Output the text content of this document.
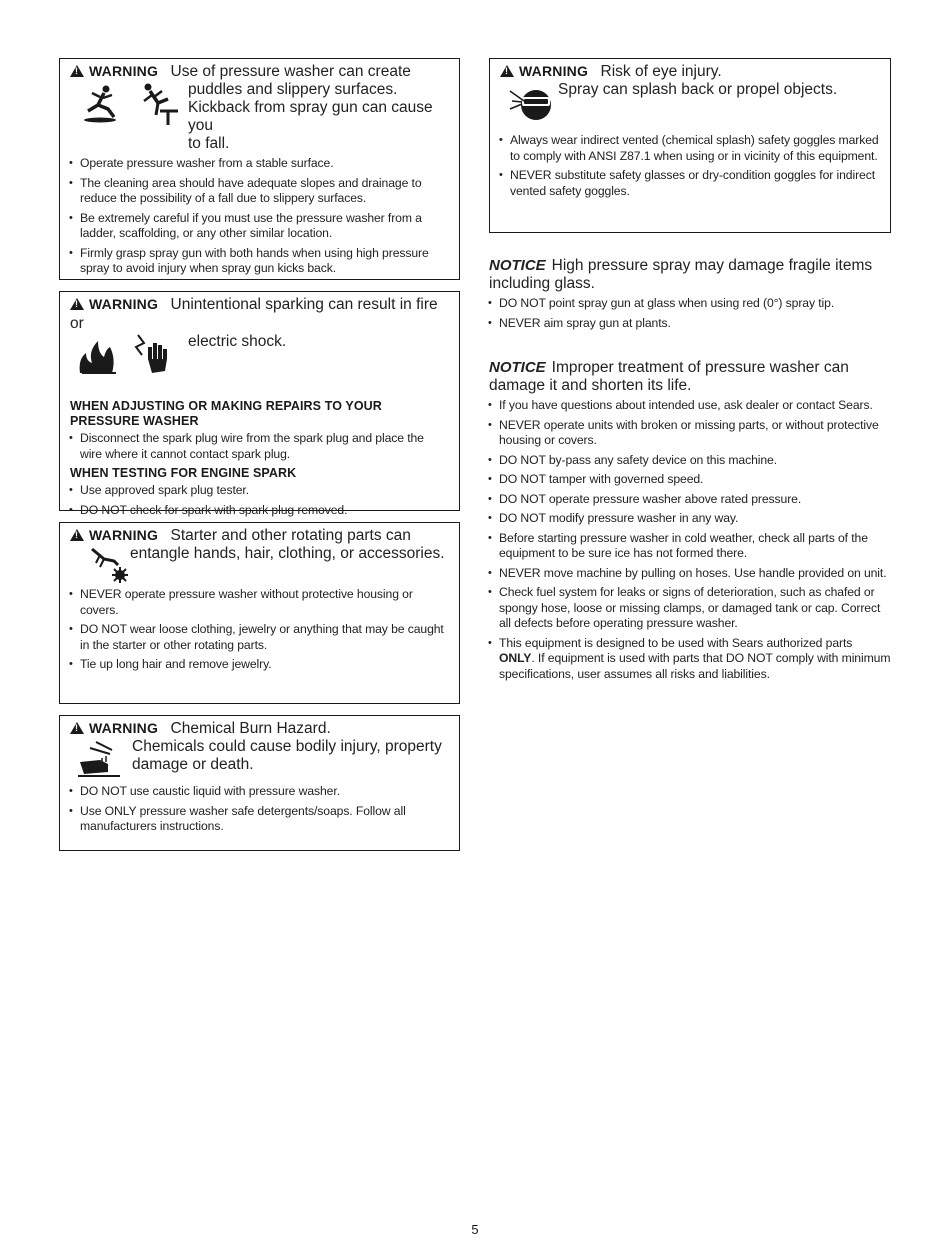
!WARNING Use of pressure washer can create
puddles and slippery surfaces.
Kickback from spray gun can cause you
to fall.
• Operate pressure washer from a stable surface.
• The cleaning area should have adequate slopes and drainage to reduce the possibility of a fall due to slippery surfaces.
• Be extremely careful if you must use the pressure washer from a ladder, scaffolding, or any other similar location.
• Firmly grasp spray gun with both hands when using high pressure spray to avoid injury when spray gun kicks back.
!WARNING Unintentional sparking can result in fire or
electric shock.
WHEN ADJUSTING OR MAKING REPAIRS TO YOUR PRESSURE WASHER
• Disconnect the spark plug wire from the spark plug and place the wire where it cannot contact spark plug.
WHEN TESTING FOR ENGINE SPARK
• Use approved spark plug tester.
• DO NOT check for spark with spark plug removed.
!WARNING Starter and other rotating parts can
entangle hands, hair, clothing, or accessories.
• NEVER operate pressure washer without protective housing or covers.
• DO NOT wear loose clothing, jewelry or anything that may be caught in the starter or other rotating parts.
• Tie up long hair and remove jewelry.
!WARNING Chemical Burn Hazard.
Chemicals could cause bodily injury, property
damage or death.
• DO NOT use caustic liquid with pressure washer.
• Use ONLY pressure washer safe detergents/soaps. Follow all manufacturers instructions.
!WARNING Risk of eye injury.
Spray can splash back or propel objects.
• Always wear indirect vented (chemical splash) safety goggles marked to comply with ANSI Z87.1 when using or in vicinity of this equipment.
• NEVER substitute safety glasses or dry-condition goggles for indirect vented safety goggles.
NOTICE High pressure spray may damage fragile items including glass.
• DO NOT point spray gun at glass when using red (0°) spray tip.
• NEVER aim spray gun at plants.
NOTICE Improper treatment of pressure washer can damage it and shorten its life.
• If you have questions about intended use, ask dealer or contact Sears.
• NEVER operate units with broken or missing parts, or without protective housing or covers.
• DO NOT by-pass any safety device on this machine.
• DO NOT tamper with governed speed.
• DO NOT operate pressure washer above rated pressure.
• DO NOT modify pressure washer in any way.
• Before starting pressure washer in cold weather, check all parts of the equipment to be sure ice has not formed there.
• NEVER move machine by pulling on hoses. Use handle provided on unit.
• Check fuel system for leaks or signs of deterioration, such as chafed or spongy hose, loose or missing clamps, or damaged tank or cap. Correct all defects before operating pressure washer.
• This equipment is designed to be used with Sears authorized parts ONLY. If equipment is used with parts that DO NOT comply with minimum specifications, user assumes all risks and liabilities.
5
